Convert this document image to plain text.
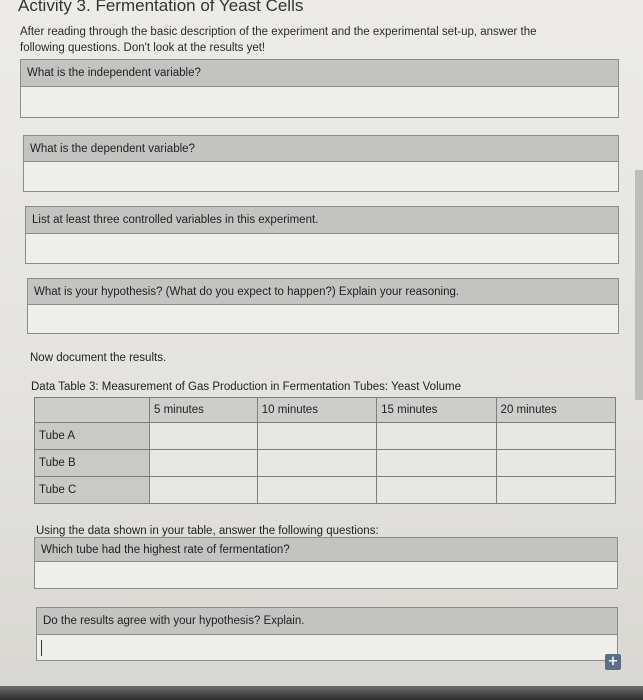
Activity 3. Fermentation of Yeast Cells
After reading through the basic description of the experiment and the experimental set-up, answer the following questions. Don't look at the results yet!
What is the independent variable?
What is the dependent variable?
List at least three controlled variables in this experiment.
What is your hypothesis? (What do you expect to happen?) Explain your reasoning.
Now document the results.
Data Table 3: Measurement of Gas Production in Fermentation Tubes: Yeast Volume
	5 minutes	10 minutes	15 minutes	20 minutes
Tube A				
Tube B				
Tube C				
Using the data shown in your table, answer the following questions:
Which tube had the highest rate of fermentation?
Do the results agree with your hypothesis? Explain.
+
